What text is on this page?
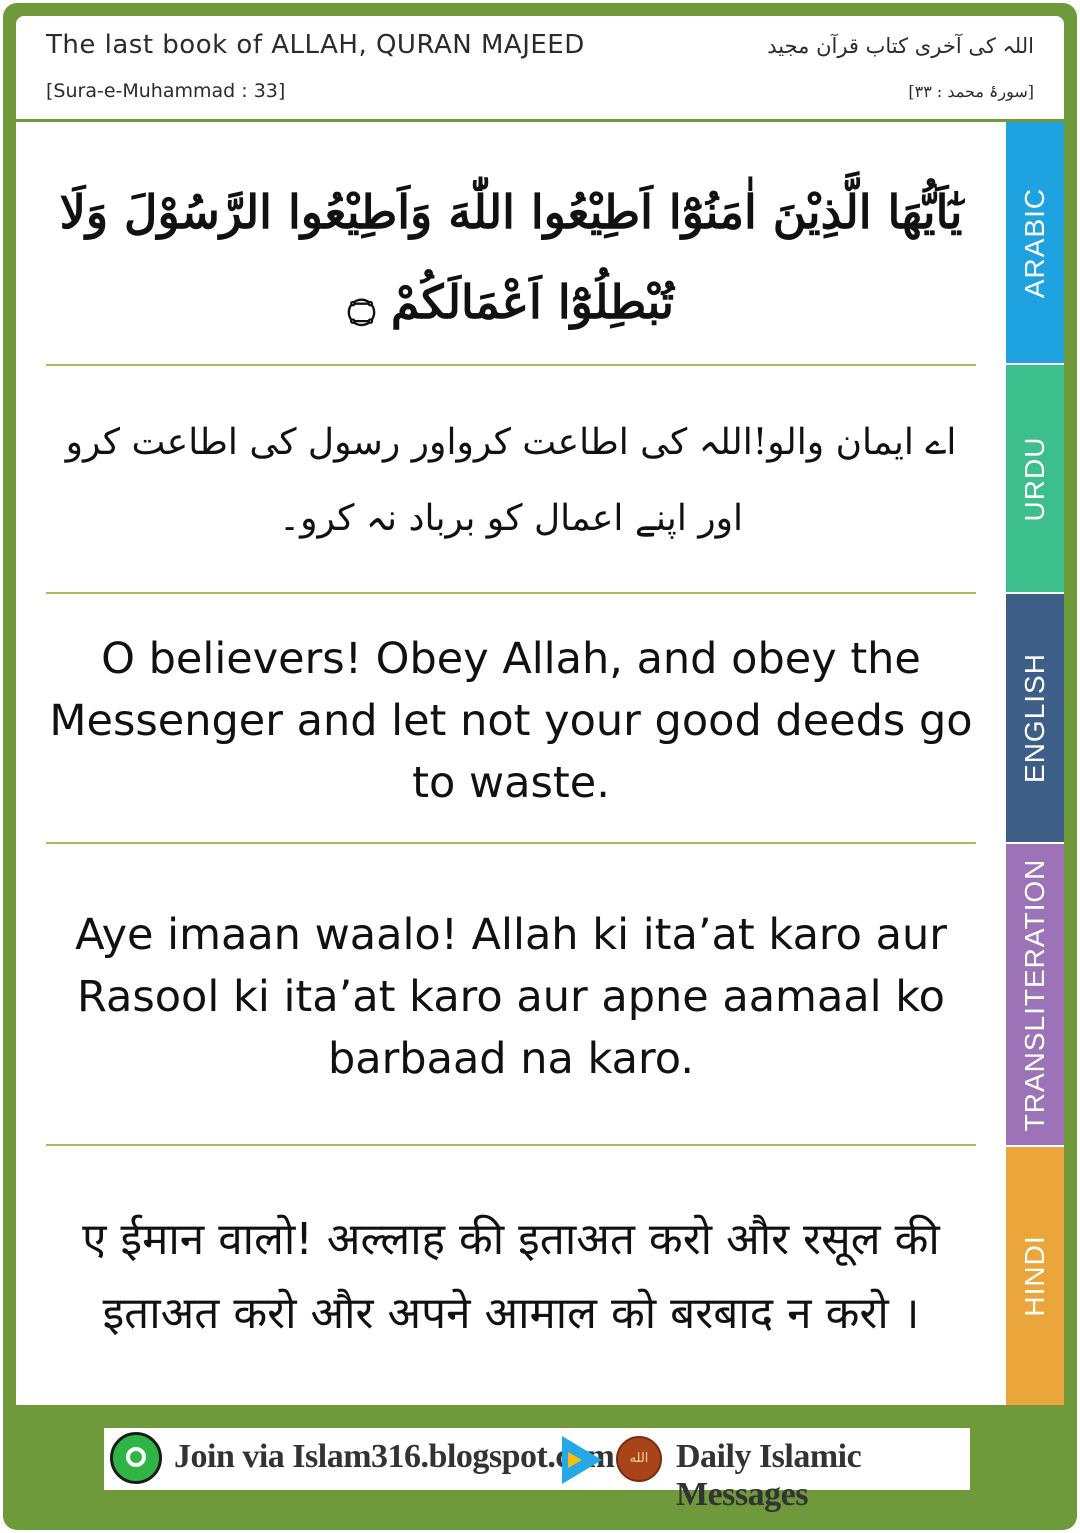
The last book of ALLAH, QURAN MAJEED
[Sura-e-Muhammad : 33]
اللہ کی آخری کتاب قرآن مجید
[سورۂ محمد : ۳۳]
يٰٓاَيُّهَا الَّذِيْنَ اٰمَنُوْٓا اَطِيْعُوا اللّٰهَ وَاَطِيْعُوا الرَّسُوْلَ وَلَا تُبْطِلُوْٓا اَعْمَالَكُمْ ۝
اے ایمان والو!اللہ کی اطاعت کرواور رسول کی اطاعت کرو اور اپنے اعمال کو برباد نہ کرو۔
O believers! Obey Allah, and obey the Messenger and let not your good deeds go to waste.
Aye imaan waalo! Allah ki ita’at karo aur Rasool ki ita’at karo aur apne aamaal ko barbaad na karo.
ए ईमान वालो! अल्लाह की इताअत करो और रसूल की इताअत करो और अपने आमाल को बरबाद न करो ।
ARABIC
URDU
ENGLISH
TRANSLITERATION
HINDI
Join via Islam316.blogspot.com	الله Daily Islamic Messages
